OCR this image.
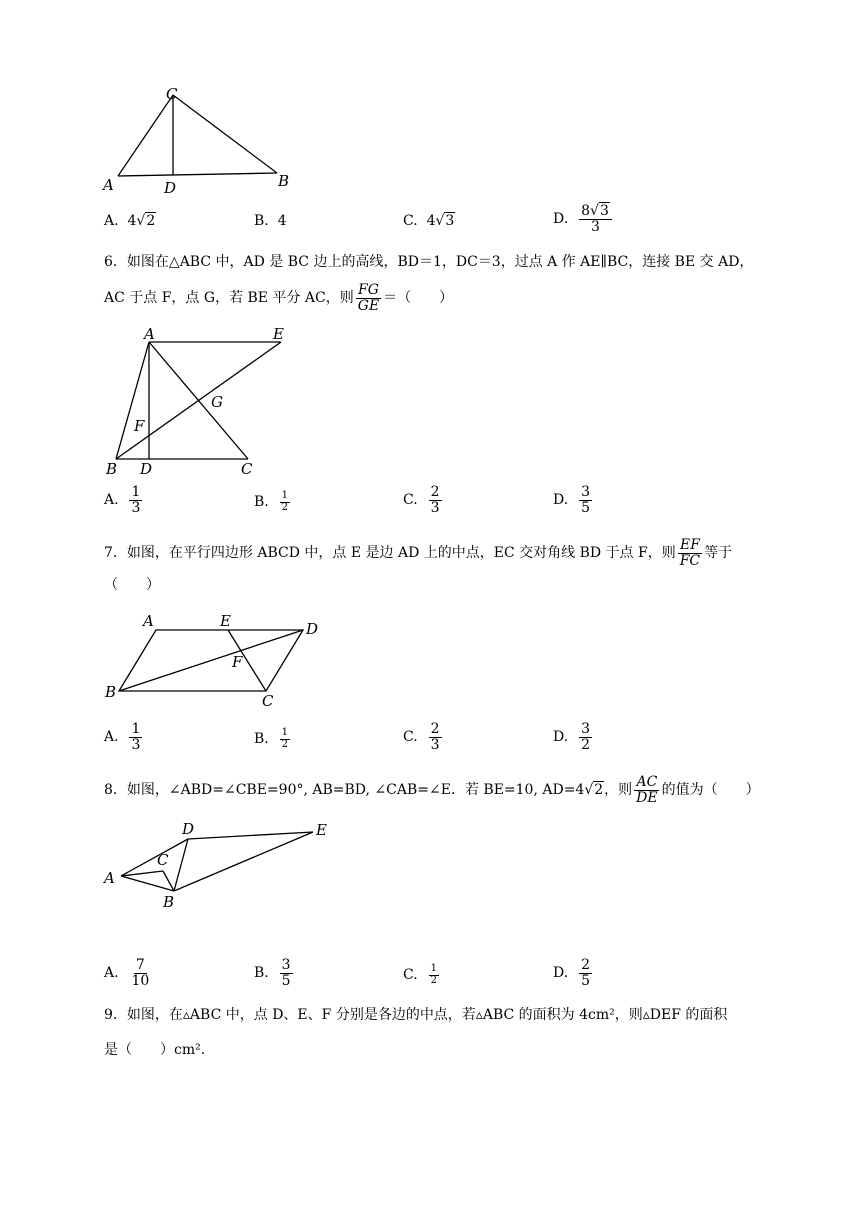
C
A	D	B
A. 4√2	B. 4	C. 4√3	D. $\frac{8√3}{3}$
6．如图在△ABC 中，AD 是 BC 边上的高线，BD＝1，DC＝3，过点 A 作 AE∥BC，连接 BE 交 AD，
AC 于点 F，点 G，若 BE 平分 AC，则 $\frac{FG}{GE}$ ＝（　　）
A	E
G
F
B D	C
A. $\frac{1}{3}$	B. $\frac{1}{2}$	C. $\frac{2}{3}$	D. $\frac{3}{5}$
7．如图，在平行四边形 ABCD 中，点 E 是边 AD 上的中点，EC 交对角线 BD 于点 F，则 $\frac{EF}{FC}$ 等于
（　　）
A	E	D
F
B	C
A. $\frac{1}{3}$	B. $\frac{1}{2}$	C. $\frac{2}{3}$	D. $\frac{3}{2}$
8．如图，∠ABD=∠CBE=90°, AB=BD, ∠CAB=∠E．若 BE=10, AD=4√2，则 $\frac{AC}{DE}$ 的值为（　　）
D	E
C
A
B
A. $\frac{7}{10}$	B. $\frac{3}{5}$	C. $\frac{1}{2}$	D. $\frac{2}{5}$
9．如图，在▵ABC 中，点 D、E、F 分别是各边的中点，若▵ABC 的面积为 4cm²，则▵DEF 的面积
是（　　）cm².
